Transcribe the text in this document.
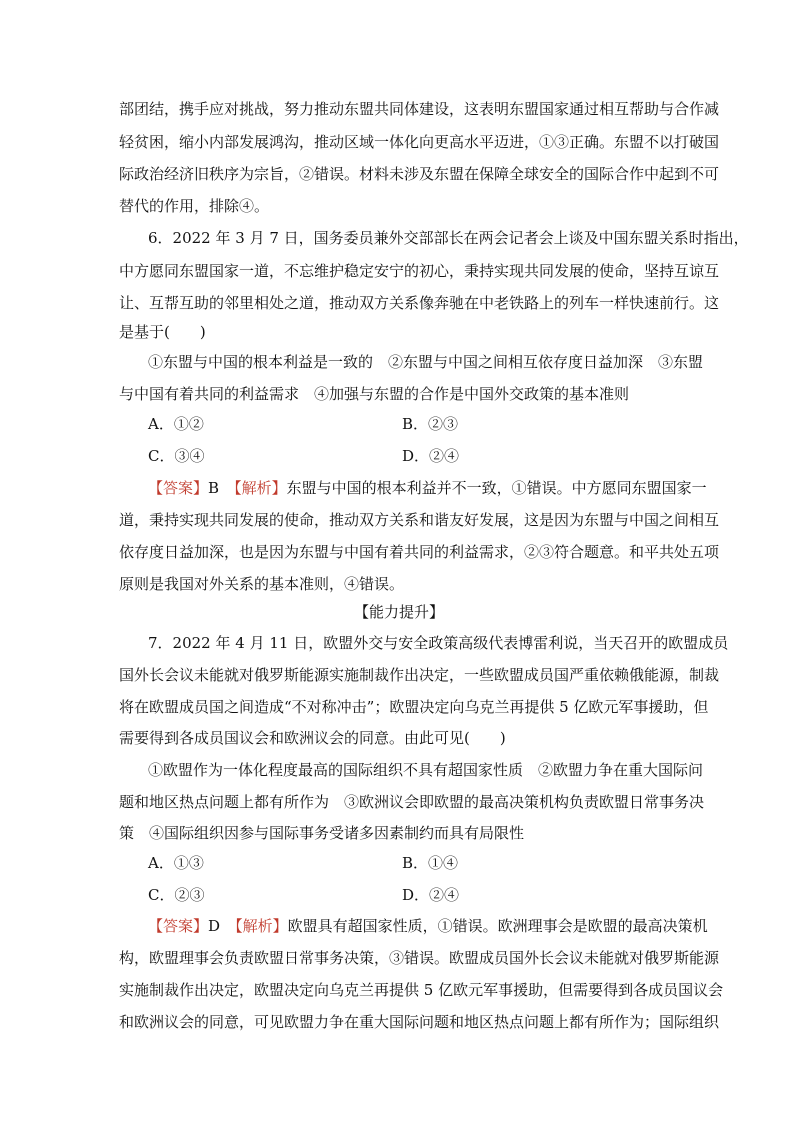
部团结，携手应对挑战，努力推动东盟共同体建设，这表明东盟国家通过相互帮助与合作减
轻贫困，缩小内部发展鸿沟，推动区域一体化向更高水平迈进，①③正确。东盟不以打破国
际政治经济旧秩序为宗旨，②错误。材料未涉及东盟在保障全球安全的国际合作中起到不可
替代的作用，排除④。
6．2022 年 3 月 7 日，国务委员兼外交部部长在两会记者会上谈及中国东盟关系时指出，
中方愿同东盟国家一道，不忘维护稳定安宁的初心，秉持实现共同发展的使命，坚持互谅互
让、互帮互助的邻里相处之道，推动双方关系像奔驰在中老铁路上的列车一样快速前行。这
是基于(　　)
①东盟与中国的根本利益是一致的　②东盟与中国之间相互依存度日益加深　③东盟
与中国有着共同的利益需求　④加强与东盟的合作是中国外交政策的基本准则
A．①②	B．②③
C．③④	D．②④
【答案】B　 【解析】东盟与中国的根本利益并不一致，①错误。中方愿同东盟国家一
道，秉持实现共同发展的使命，推动双方关系和谐友好发展，这是因为东盟与中国之间相互
依存度日益加深，也是因为东盟与中国有着共同的利益需求，②③符合题意。和平共处五项
原则是我国对外关系的基本准则，④错误。
【能力提升】
7．2022 年 4 月 11 日，欧盟外交与安全政策高级代表博雷利说，当天召开的欧盟成员
国外长会议未能就对俄罗斯能源实施制裁作出决定，一些欧盟成员国严重依赖俄能源，制裁
将在欧盟成员国之间造成“不对称冲击”；欧盟决定向乌克兰再提供 5 亿欧元军事援助，但
需要得到各成员国议会和欧洲议会的同意。由此可见(　　)
①欧盟作为一体化程度最高的国际组织不具有超国家性质　②欧盟力争在重大国际问
题和地区热点问题上都有所作为　③欧洲议会即欧盟的最高决策机构负责欧盟日常事务决
策　④国际组织因参与国际事务受诸多因素制约而具有局限性
A．①③	B．①④
C．②③	D．②④
【答案】D　 【解析】欧盟具有超国家性质，①错误。欧洲理事会是欧盟的最高决策机
构，欧盟理事会负责欧盟日常事务决策，③错误。欧盟成员国外长会议未能就对俄罗斯能源
实施制裁作出决定，欧盟决定向乌克兰再提供 5 亿欧元军事援助，但需要得到各成员国议会
和欧洲议会的同意，可见欧盟力争在重大国际问题和地区热点问题上都有所作为；国际组织
